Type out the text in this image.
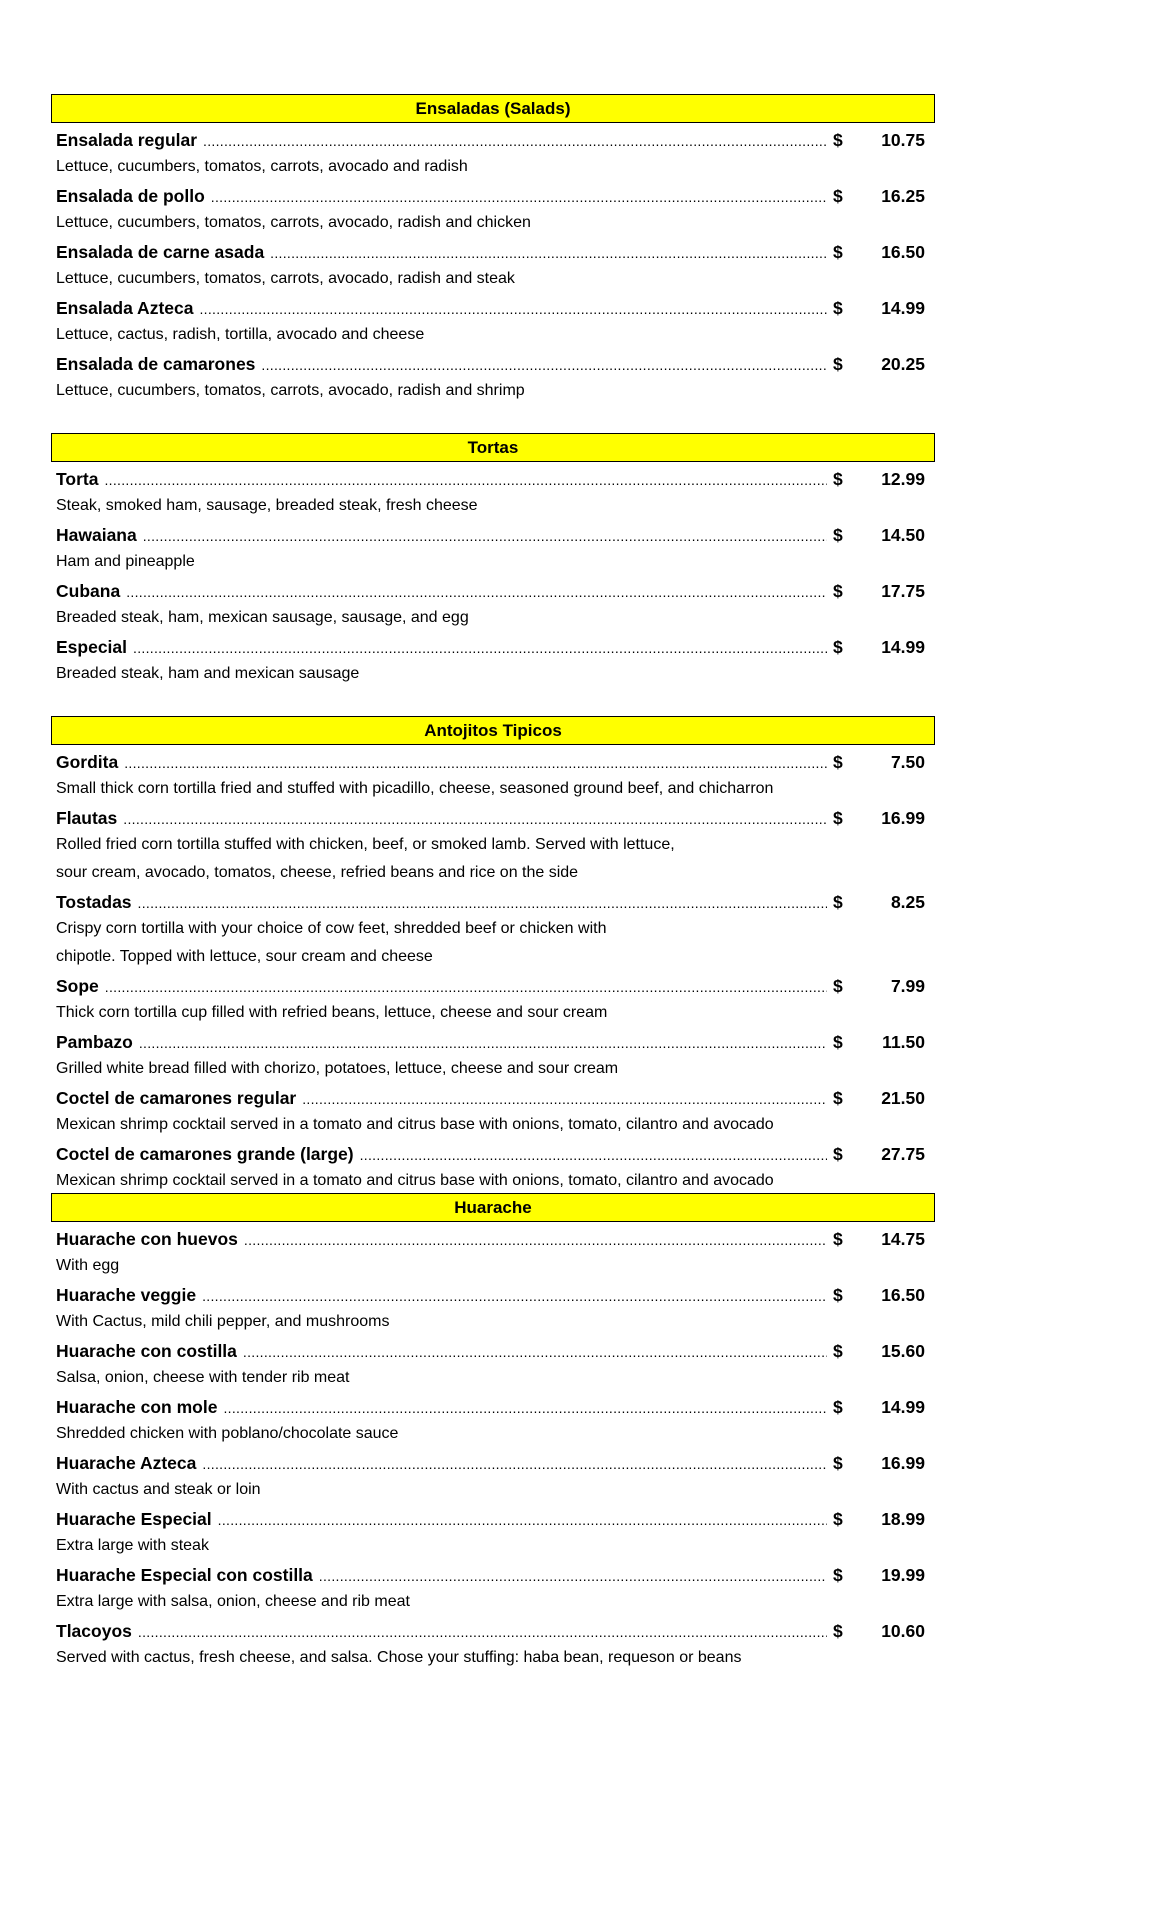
Ensaladas (Salads)
Ensalada regular .....	$	10.75
Lettuce, cucumbers, tomatos, carrots, avocado and radish
Ensalada de pollo .....	$	16.25
Lettuce, cucumbers, tomatos, carrots, avocado, radish and chicken
Ensalada de carne asada .....	$	16.50
Lettuce, cucumbers, tomatos, carrots, avocado, radish and steak
Ensalada Azteca .....	$	14.99
Lettuce, cactus, radish, tortilla, avocado and cheese
Ensalada de camarones .....	$	20.25
Lettuce, cucumbers, tomatos, carrots, avocado, radish and shrimp
Tortas
Torta .....	$	12.99
Steak, smoked ham, sausage, breaded steak, fresh cheese
Hawaiana .....	$	14.50
Ham and pineapple
Cubana .....	$	17.75
Breaded steak, ham, mexican sausage, sausage, and egg
Especial .....	$	14.99
Breaded steak, ham and mexican sausage
Antojitos Tipicos
Gordita .....	$	7.50
Small thick corn tortilla fried and stuffed with picadillo, cheese, seasoned ground beef, and chicharron
Flautas .....	$	16.99
Rolled fried corn tortilla stuffed with chicken, beef, or smoked lamb. Served with lettuce,
sour cream, avocado, tomatos, cheese, refried beans and rice on the side
Tostadas .....	$	8.25
Crispy corn tortilla with your choice of cow feet, shredded beef or chicken with
chipotle. Topped with lettuce, sour cream and cheese
Sope .....	$	7.99
Thick corn tortilla cup filled with refried beans, lettuce, cheese and sour cream
Pambazo .....	$	11.50
Grilled white bread filled with chorizo, potatoes, lettuce, cheese and sour cream
Coctel de camarones regular .....	$	21.50
Mexican shrimp cocktail served in a tomato and citrus base with onions, tomato, cilantro and avocado
Coctel de camarones grande (large) .....	$	27.75
Mexican shrimp cocktail served in a tomato and citrus base with onions, tomato, cilantro and avocado
Huarache
Huarache con huevos .....	$	14.75
With egg
Huarache veggie .....	$	16.50
With Cactus, mild chili pepper, and mushrooms
Huarache con costilla .....	$	15.60
Salsa, onion, cheese with tender rib meat
Huarache con mole .....	$	14.99
Shredded chicken with poblano/chocolate sauce
Huarache Azteca .....	$	16.99
With cactus and steak or loin
Huarache Especial .....	$	18.99
Extra large with steak
Huarache Especial con costilla .....	$	19.99
Extra large with salsa, onion, cheese and rib meat
Tlacoyos .....	$	10.60
Served with cactus, fresh cheese, and salsa. Chose your stuffing: haba bean, requeson or beans
